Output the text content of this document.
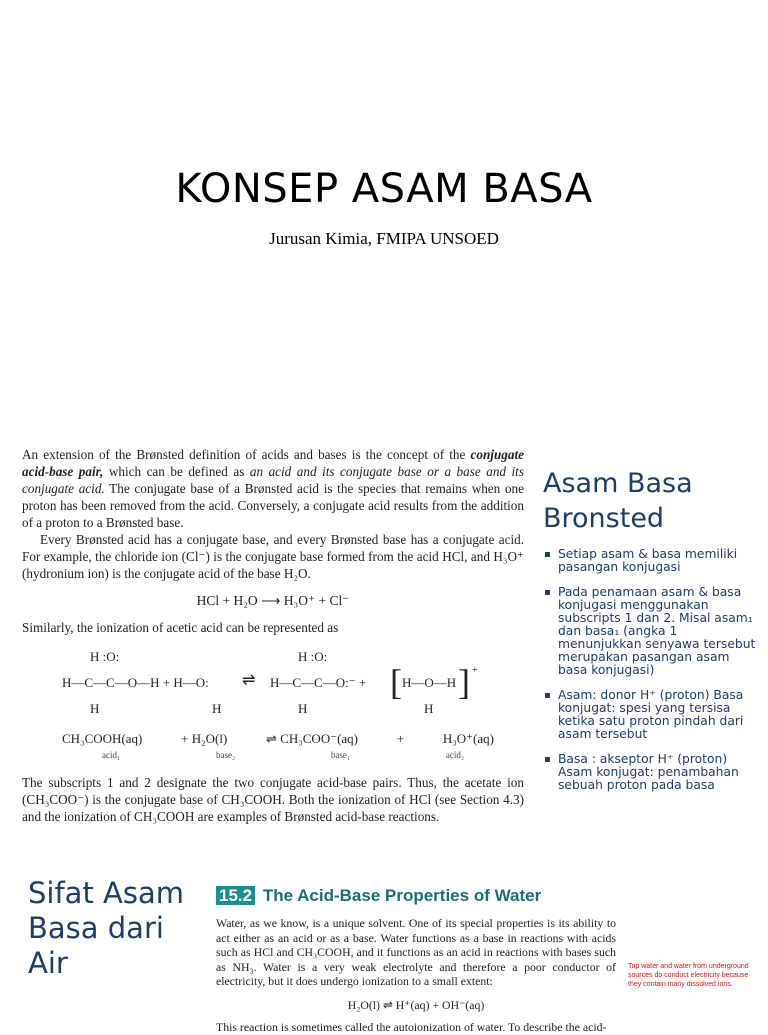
KONSEP ASAM BASA
Jurusan Kimia, FMIPA UNSOED

An extension of the Brønsted definition of acids and bases is the concept of the conjugate acid-base pair, which can be defined as an acid and its conjugate base or a base and its conjugate acid. The conjugate base of a Brønsted acid is the species that remains when one proton has been removed from the acid. Conversely, a conjugate acid results from the addition of a proton to a Brønsted base.

Every Brønsted acid has a conjugate base, and every Brønsted base has a conjugate acid. For example, the chloride ion (Cl⁻) is the conjugate base formed from the acid HCl, and H₃O⁺ (hydronium ion) is the conjugate acid of the base H₂O.

HCl + H₂O ⟶ H₃O⁺ + Cl⁻

Similarly, the ionization of acetic acid can be represented as

H :O:	H :O:
H—C—C—O—H + H—O: ⇌ H—C—C—O:⁻ + [ H—O—H ] +
H	H	H	H
CH₃COOH(aq)	+ H₂O(l)	⇌ CH₃COO⁻(aq)	+	H₃O⁺(aq)
acid₁	base₂	base₁	acid₂

The subscripts 1 and 2 designate the two conjugate acid-base pairs. Thus, the acetate ion (CH₃COO⁻) is the conjugate base of CH₃COOH. Both the ionization of HCl (see Section 4.3) and the ionization of CH₃COOH are examples of Brønsted acid-base reactions.

Asam Basa Bronsted
▪ Setiap asam & basa memiliki pasangan konjugasi
▪ Pada penamaan asam & basa konjugasi menggunakan subscripts 1 dan 2. Misal asam₁ dan basa₁ (angka 1 menunjukkan senyawa tersebut merupakan pasangan asam basa konjugasi)
▪ Asam: donor H⁺ (proton) Basa konjugat: spesi yang tersisa ketika satu proton pindah dari asam tersebut
▪ Basa : akseptor H⁺ (proton) Asam konjugat: penambahan sebuah proton pada basa
Sifat Asam Basa dari Air
15.2 The Acid-Base Properties of Water
Water, as we know, is a unique solvent. One of its special properties is its ability to act either as an acid or as a base. Water functions as a base in reactions with acids such as HCl and CH₃COOH, and it functions as an acid in reactions with bases such as NH₃. Water is a very weak electrolyte and therefore a poor conductor of electricity, but it does undergo ionization to a small extent:
H₂O(l) ⇌ H⁺(aq) + OH⁻(aq)
This reaction is sometimes called the autoionization of water. To describe the acid-
Tap water and water from underground sources do conduct electricity because they contain many dissolved ions.
